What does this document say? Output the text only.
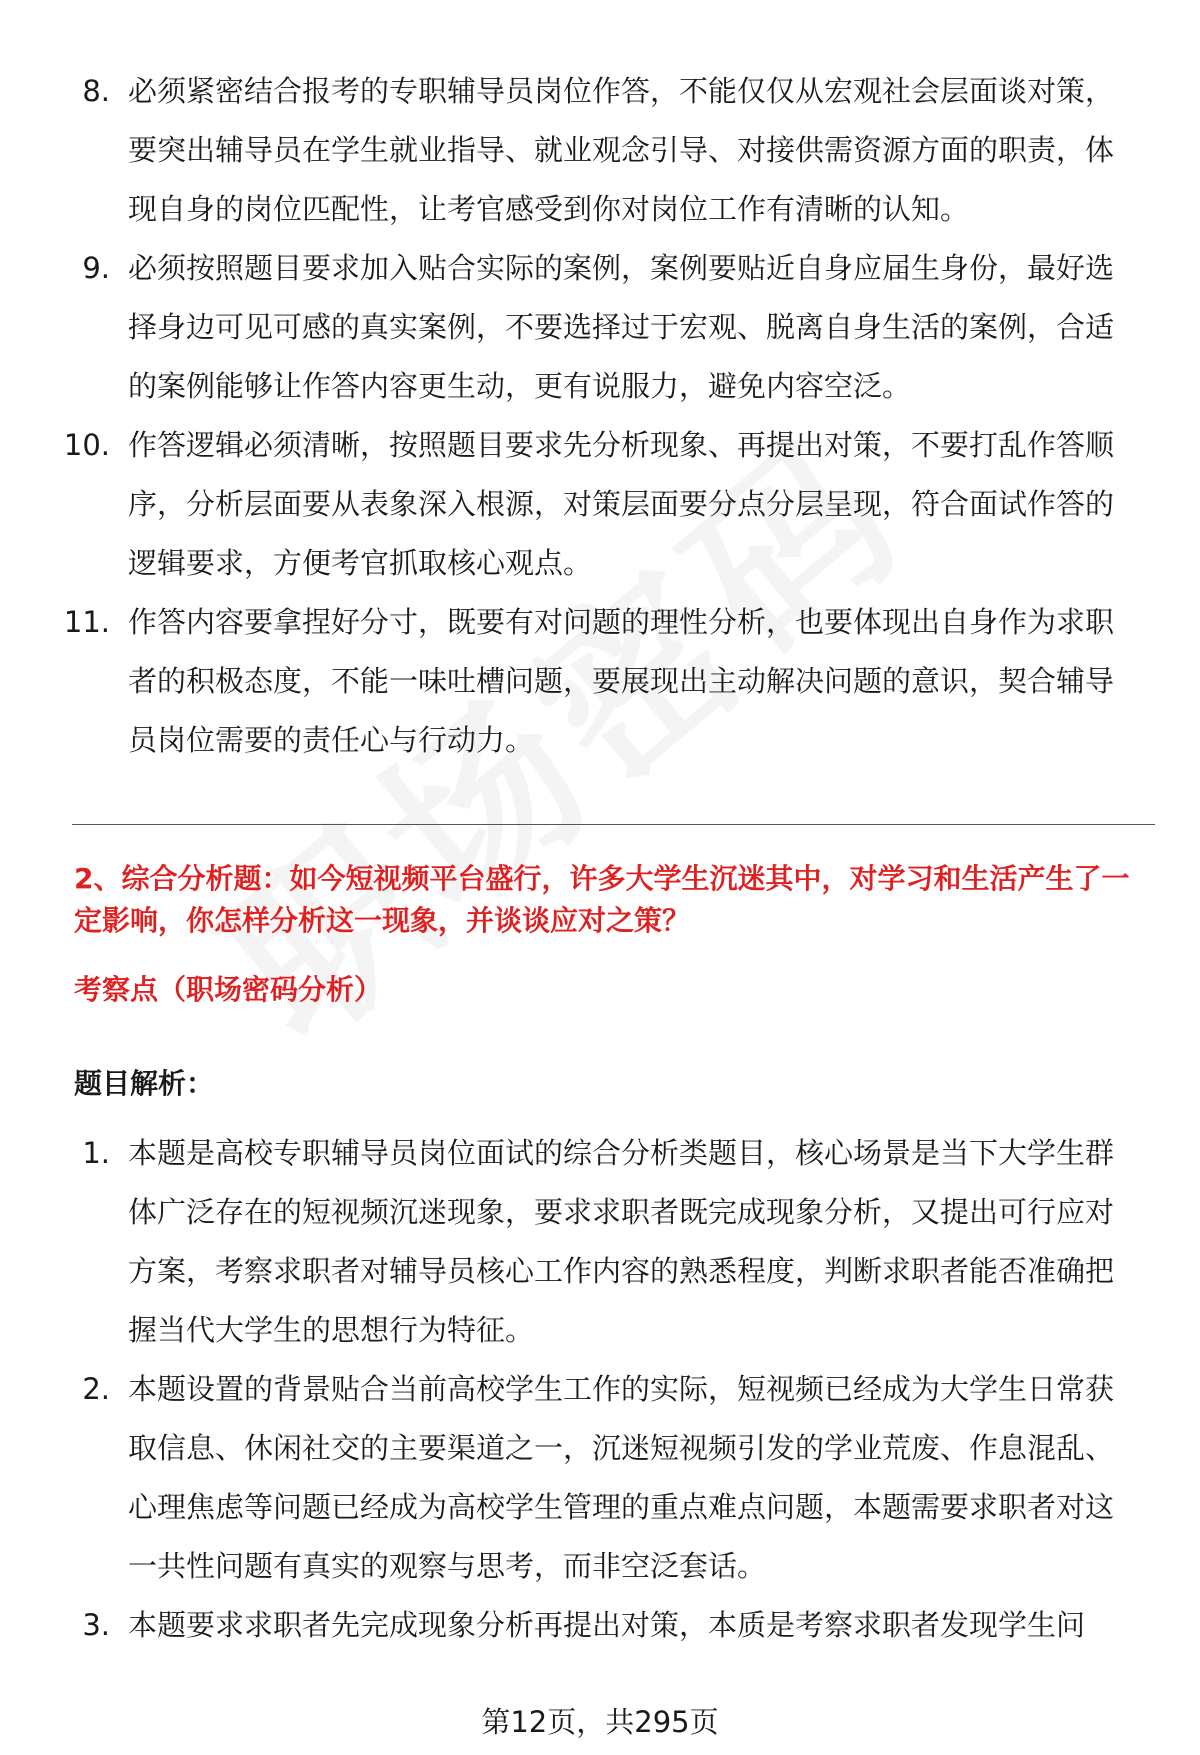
8. 必须紧密结合报考的专职辅导员岗位作答，不能仅仅从宏观社会层面谈对策，要突出辅导员在学生就业指导、就业观念引导、对接供需资源方面的职责，体现自身的岗位匹配性，让考官感受到你对岗位工作有清晰的认知。
9. 必须按照题目要求加入贴合实际的案例，案例要贴近自身应届生身份，最好选择身边可见可感的真实案例，不要选择过于宏观、脱离自身生活的案例，合适的案例能够让作答内容更生动，更有说服力，避免内容空泛。
10. 作答逻辑必须清晰，按照题目要求先分析现象、再提出对策，不要打乱作答顺序，分析层面要从表象深入根源，对策层面要分点分层呈现，符合面试作答的逻辑要求，方便考官抓取核心观点。
11. 作答内容要拿捏好分寸，既要有对问题的理性分析，也要体现出自身作为求职者的积极态度，不能一味吐槽问题，要展现出主动解决问题的意识，契合辅导员岗位需要的责任心与行动力。
2、综合分析题：如今短视频平台盛行，许多大学生沉迷其中，对学习和生活产生了一定影响，你怎样分析这一现象，并谈谈应对之策？
考察点（职场密码分析）
题目解析：
1. 本题是高校专职辅导员岗位面试的综合分析类题目，核心场景是当下大学生群体广泛存在的短视频沉迷现象，要求求职者既完成现象分析，又提出可行应对方案，考察求职者对辅导员核心工作内容的熟悉程度，判断求职者能否准确把握当代大学生的思想行为特征。
2. 本题设置的背景贴合当前高校学生工作的实际，短视频已经成为大学生日常获取信息、休闲社交的主要渠道之一，沉迷短视频引发的学业荒废、作息混乱、心理焦虑等问题已经成为高校学生管理的重点难点问题，本题需要求职者对这一共性问题有真实的观察与思考，而非空泛套话。
3. 本题要求求职者先完成现象分析再提出对策，本质是考察求职者发现学生问
第12页，共295页
